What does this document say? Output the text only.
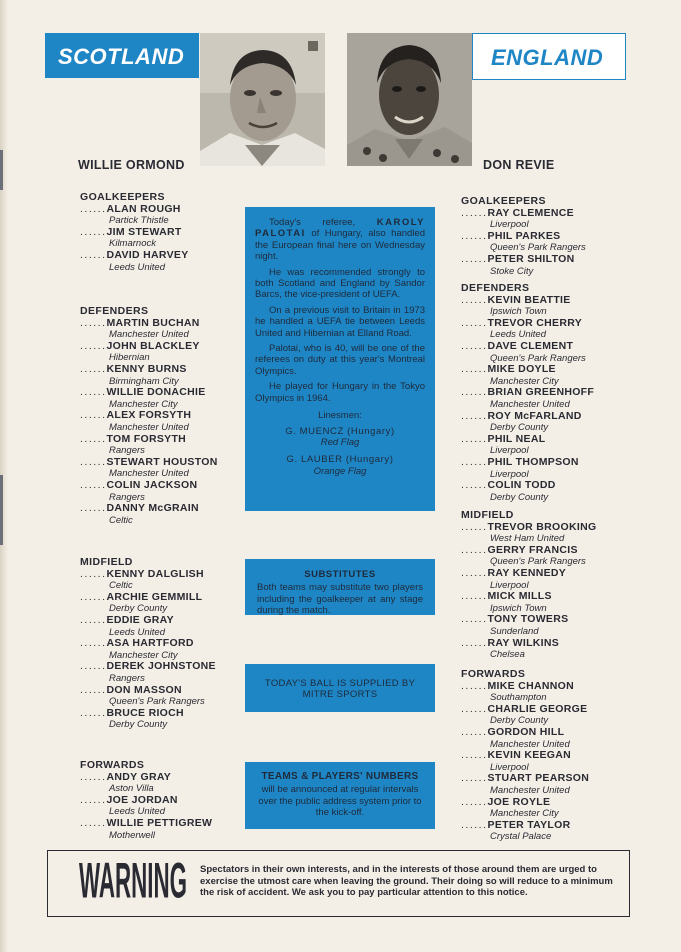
SCOTLAND	ENGLAND
WILLIE ORMOND	DON REVIE
GOALKEEPERS
......ALAN ROUGH
Partick Thistle
......JIM STEWART
Kilmarnock
......DAVID HARVEY
Leeds United
DEFENDERS
......MARTIN BUCHAN
Manchester United
......JOHN BLACKLEY
Hibernian
......KENNY BURNS
Birmingham City
......WILLIE DONACHIE
Manchester City
......ALEX FORSYTH
Manchester United
......TOM FORSYTH
Rangers
......STEWART HOUSTON
Manchester United
......COLIN JACKSON
Rangers
......DANNY McGRAIN
Celtic
MIDFIELD
......KENNY DALGLISH
Celtic
......ARCHIE GEMMILL
Derby County
......EDDIE GRAY
Leeds United
......ASA HARTFORD
Manchester City
......DEREK JOHNSTONE
Rangers
......DON MASSON
Queen's Park Rangers
......BRUCE RIOCH
Derby County
FORWARDS
......ANDY GRAY
Aston Villa
......JOE JORDAN
Leeds United
......WILLIE PETTIGREW
Motherwell
GOALKEEPERS
......RAY CLEMENCE
Liverpool
......PHIL PARKES
Queen's Park Rangers
......PETER SHILTON
Stoke City
DEFENDERS
......KEVIN BEATTIE
Ipswich Town
......TREVOR CHERRY
Leeds United
......DAVE CLEMENT
Queen's Park Rangers
......MIKE DOYLE
Manchester City
......BRIAN GREENHOFF
Manchester United
......ROY McFARLAND
Derby County
......PHIL NEAL
Liverpool
......PHIL THOMPSON
Liverpool
......COLIN TODD
Derby County
MIDFIELD
......TREVOR BROOKING
West Ham United
......GERRY FRANCIS
Queen's Park Rangers
......RAY KENNEDY
Liverpool
......MICK MILLS
Ipswich Town
......TONY TOWERS
Sunderland
......RAY WILKINS
Chelsea
FORWARDS
......MIKE CHANNON
Southampton
......CHARLIE GEORGE
Derby County
......GORDON HILL
Manchester United
......KEVIN KEEGAN
Liverpool
......STUART PEARSON
Manchester United
......JOE ROYLE
Manchester City
......PETER TAYLOR
Crystal Palace

Today's referee, KAROLY PALOTAI of Hungary, also handled the European final here on Wednesday night.

He was recommended strongly to both Scotland and England by Sandor Barcs, the vice-president of UEFA.

On a previous visit to Britain in 1973 he handled a UEFA tie between Leeds United and Hibernian at Elland Road.

Palotai, who is 40, will be one of the referees on duty at this year's Montreal Olympics.

He played for Hungary in the Tokyo Olympics in 1964.

Linesmen:
G. MUENCZ (Hungary)
Red Flag
G. LAUBER (Hungary)
Orange Flag
SUBSTITUTES
Both teams may substitute two players including the goalkeeper at any stage during the match.
TODAY'S BALL IS SUPPLIED BY MITRE SPORTS
TEAMS & PLAYERS' NUMBERS
will be announced at regular intervals over the public address system prior to the kick-off.
WARNING Spectators in their own interests, and in the interests of those around them are urged to exercise the utmost care when leaving the ground. Their doing so will reduce to a minimum the risk of accident. We ask you to pay particular attention to this notice.
